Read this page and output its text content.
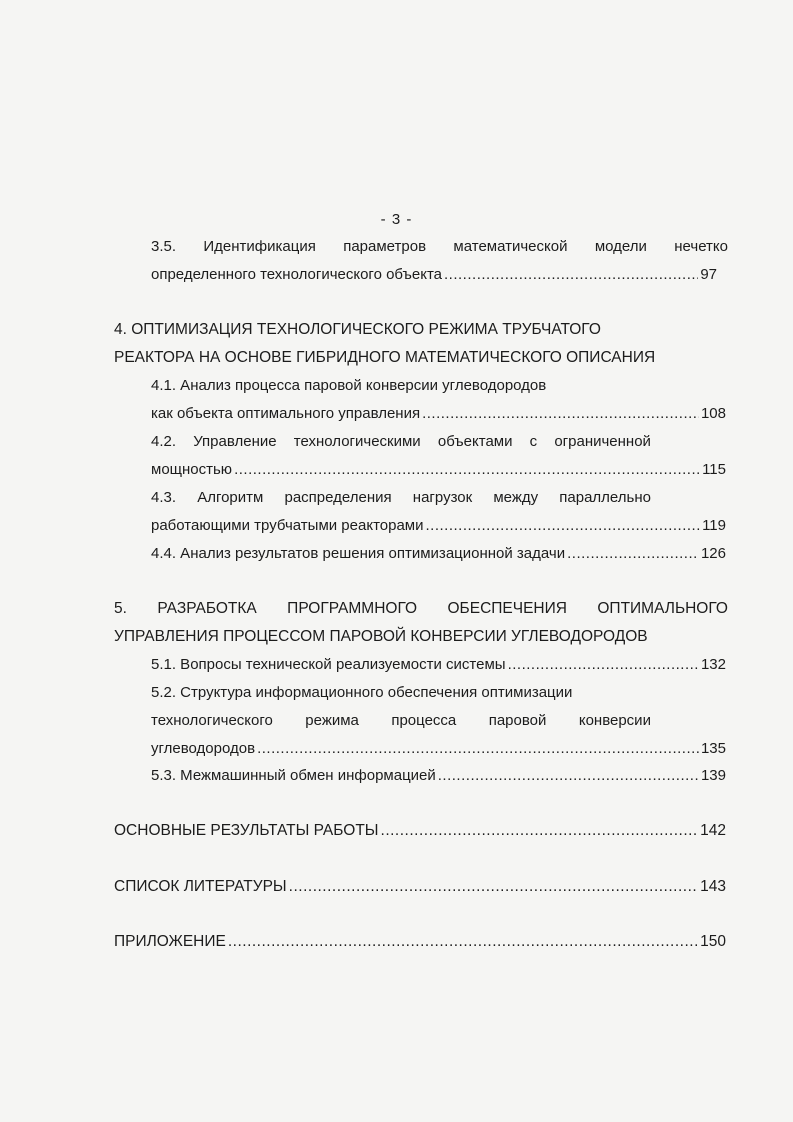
- 3 -
3.5. Идентификация параметров математической модели нечетко
определенного технологического объекта .....	97
4. ОПТИМИЗАЦИЯ ТЕХНОЛОГИЧЕСКОГО РЕЖИМА ТРУБЧАТОГО
РЕАКТОРА НА ОСНОВЕ ГИБРИДНОГО МАТЕМАТИЧЕСКОГО ОПИСАНИЯ
4.1. Анализ процесса паровой конверсии углеводородов
как объекта оптимального управления .....	108
4.2. Управление технологическими объектами с ограниченной
мощностью .....	115
4.3. Алгоритм распределения нагрузок между параллельно
работающими трубчатыми реакторами .....	119
4.4. Анализ результатов решения оптимизационной задачи .....	126
5. РАЗРАБОТКА ПРОГРАММНОГО ОБЕСПЕЧЕНИЯ ОПТИМАЛЬНОГО
УПРАВЛЕНИЯ ПРОЦЕССОМ ПАРОВОЙ КОНВЕРСИИ УГЛЕВОДОРОДОВ
5.1. Вопросы технической реализуемости системы .....	132
5.2. Структура информационного обеспечения оптимизации
технологического режима процесса паровой конверсии
углеводородов .....	135
5.3. Межмашинный обмен информацией .....	139
ОСНОВНЫЕ РЕЗУЛЬТАТЫ РАБОТЫ .....	142
СПИСОК ЛИТЕРАТУРЫ .....	143
ПРИЛОЖЕНИЕ .....	150
